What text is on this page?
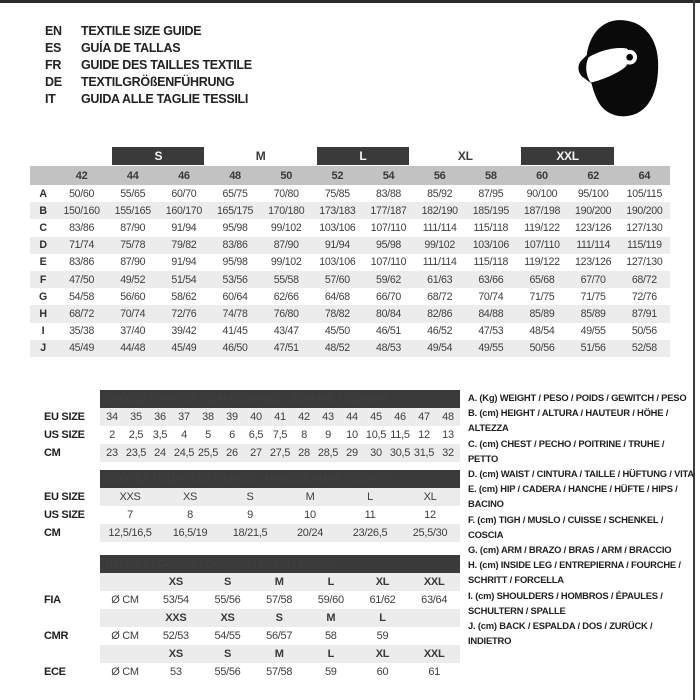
EN	TEXTILE SIZE GUIDE
ES	GUÍA DE TALLAS
FR	GUIDE DES TAILLES TEXTILE
DE	TEXTILGRÖßENFÜHRUNG
IT	GUIDA ALLE TAGLIE TESSILI

		S		M		L		XL		XXL		

	42	44	46	48	50	52	54	56	58	60	62	64
A	50/60	55/65	60/70	65/75	70/80	75/85	83/88	85/92	87/95	90/100	95/100	105/115
B	150/160	155/165	160/170	165/175	170/180	173/183	177/187	182/190	185/195	187/198	190/200	190/200
C	83/86	87/90	91/94	95/98	99/102	103/106	107/110	111/114	115/118	119/122	123/126	127/130
D	71/74	75/78	79/82	83/86	87/90	91/94	95/98	99/102	103/106	107/110	111/114	115/119
E	83/86	87/90	91/94	95/98	99/102	103/106	107/110	111/114	115/118	119/122	123/126	127/130
F	47/50	49/52	51/54	53/56	55/58	57/60	59/62	61/63	63/66	65/68	67/70	68/72
G	54/58	56/60	58/62	60/64	62/66	64/68	66/70	68/72	70/74	71/75	71/75	72/76
H	68/72	70/74	72/76	74/78	76/80	78/82	80/84	82/86	84/88	85/89	85/89	87/91
I	35/38	37/40	39/42	41/45	43/47	45/50	46/51	46/52	47/53	48/54	49/55	50/56
J	45/49	44/48	45/49	46/50	47/51	48/52	48/53	49/54	49/55	50/56	51/56	52/58
	SHOES/ ZAPATOS / CHAUSSURES / SCHUHE / SCARPE														
EU SIZE	34	35	36	37	38	39	40	41	42	43	44	45	46	47	48
US SIZE	2	2,5	3,5	4	5	6	6,5	7,5	8	9	10	10,5	11,5	12	13
CM	23	23,5	24	24,5	25,5	26	27	27,5	28	28,5	29	30	30,5	31,5	32
	GLOVES / GUANTES / GANTS / HANDSCHUHE / GUANTI					
EU SIZE	XXS	XS	S	M	L	XL
US SIZE	7	8	9	10	11	12
CM	12,5/16,5	16,5/19	18/21,5	20/24	23/26,5	25,5/30
	HELMET / CASCO / CASQUE / HELM / CASCO						
		XS	S	M	L	XL	XXL
FIA	Ø CM	53/54	55/56	57/58	59/60	61/62	63/64
		XXS	XS	S	M	L	
CMR	Ø CM	52/53	54/55	56/57	58	59	
		XS	S	M	L	XL	XXL
ECE	Ø CM	53	55/56	57/58	59	60	61
A. (Kg) WEIGHT / PESO / POIDS / GEWITCH / PESO
B. (cm) HEIGHT / ALTURA / HAUTEUR / HÖHE / ALTEZZA
C. (cm) CHEST / PECHO / POITRINE / TRUHE / PETTO
D. (cm) WAIST / CINTURA / TAILLE / HÜFTUNG / VITA
E. (cm) HIP / CADERA / HANCHE / HÜFTE / HIPS / BACINO
F. (cm) TIGH / MUSLO / CUISSE / SCHENKEL / COSCIA
G. (cm) ARM / BRAZO / BRAS / ARM / BRACCIO
H. (cm) INSIDE LEG / ENTREPIERNA / FOURCHE / SCHRITT / FORCELLA
I. (cm) SHOULDERS / HOMBROS / ÉPAULES / SCHULTERN / SPALLE
J. (cm) BACK / ESPALDA / DOS / ZURÜCK / INDIETRO
